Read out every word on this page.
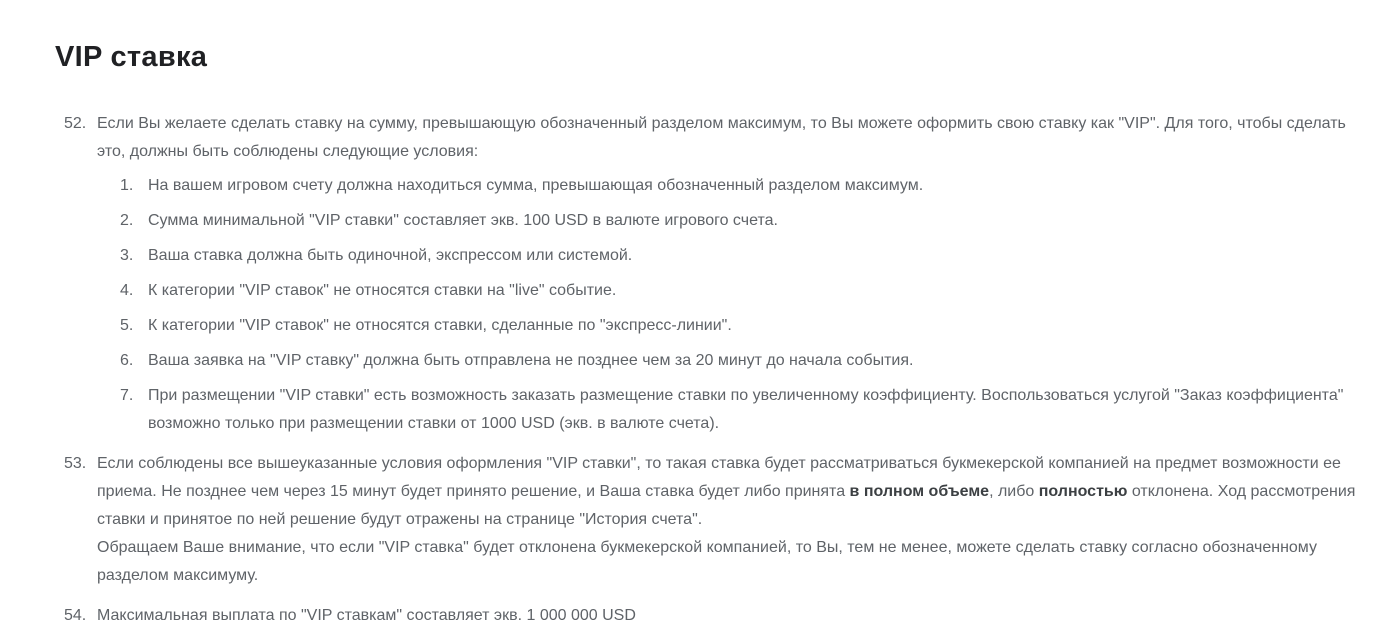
VIP ставка
52. Если Вы желаете сделать ставку на сумму, превышающую обозначенный разделом максимум, то Вы можете оформить свою ставку как "VIP". Для того, чтобы сделать это, должны быть соблюдены следующие условия:
1. На вашем игровом счету должна находиться сумма, превышающая обозначенный разделом максимум.
2. Сумма минимальной "VIP ставки" составляет экв. 100 USD в валюте игрового счета.
3. Ваша ставка должна быть одиночной, экспрессом или системой.
4. К категории "VIP ставок" не относятся ставки на "live" событие.
5. К категории "VIP ставок" не относятся ставки, сделанные по "экспресс-линии".
6. Ваша заявка на "VIP ставку" должна быть отправлена не позднее чем за 20 минут до начала события.
7. При размещении "VIP ставки" есть возможность заказать размещение ставки по увеличенному коэффициенту. Воспользоваться услугой "Заказ коэффициента" возможно только при размещении ставки от 1000 USD (экв. в валюте счета).
53. Если соблюдены все вышеуказанные условия оформления "VIP ставки", то такая ставка будет рассматриваться букмекерской компанией на предмет возможности ее приема. Не позднее чем через 15 минут будет принято решение, и Ваша ставка будет либо принята в полном объеме, либо полностью отклонена. Ход рассмотрения ставки и принятое по ней решение будут отражены на странице "История счета".
Обращаем Ваше внимание, что если "VIP ставка" будет отклонена букмекерской компанией, то Вы, тем не менее, можете сделать ставку согласно обозначенному разделом максимуму.
54. Максимальная выплата по "VIP ставкам" составляет экв. 1 000 000 USD
